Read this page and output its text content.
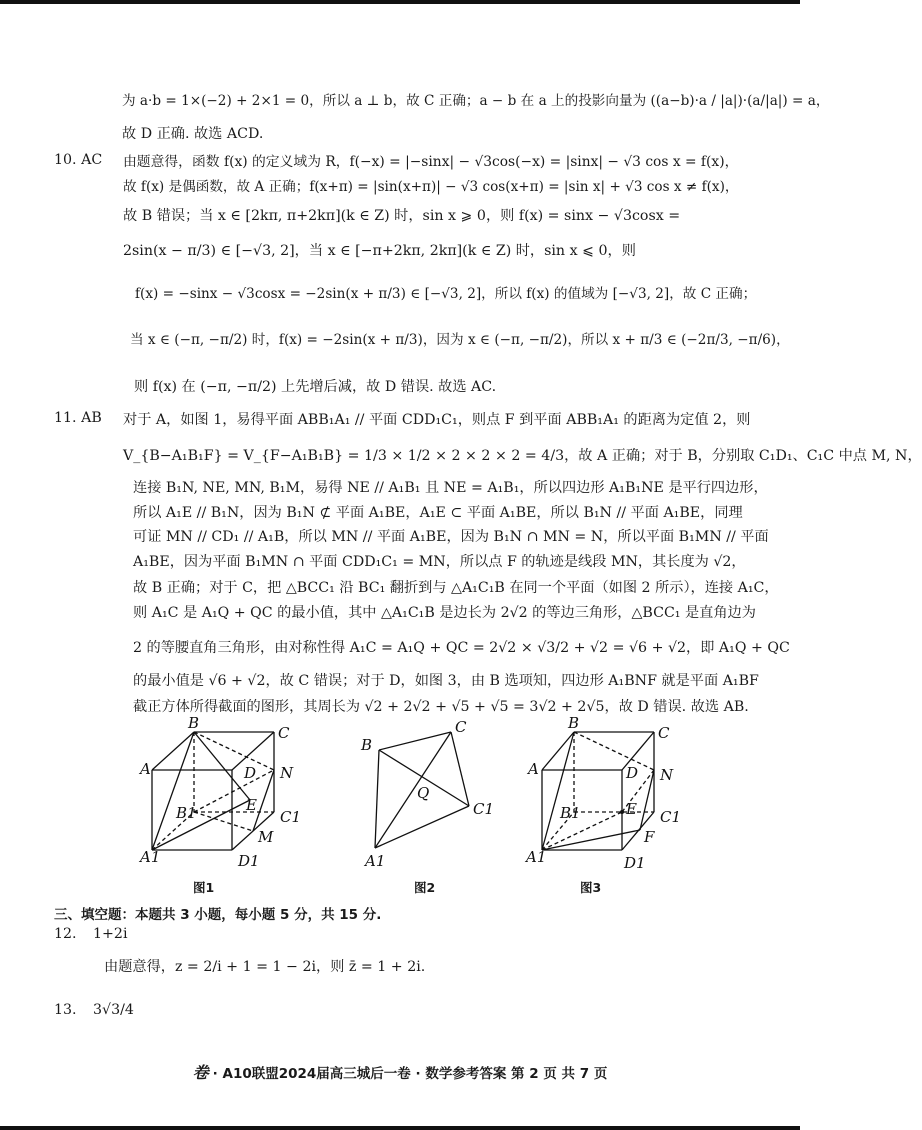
为 a·b = 1×(−2) + 2×1 = 0，所以 a ⊥ b，故 C 正确；a − b 在 a 上的投影向量为 ((a−b)·a / |a|)·(a/|a|) = a，
故 D 正确. 故选 ACD.
10. AC 由题意得，函数 f(x) 的定义域为 R，f(−x) = |−sinx| − √3cos(−x) = |sinx| − √3 cos x = f(x)，
故 f(x) 是偶函数，故 A 正确；f(x+π) = |sin(x+π)| − √3 cos(x+π) = |sin x| + √3 cos x ≠ f(x)，
故 B 错误；当 x ∈ [2kπ, π+2kπ](k ∈ Z) 时，sin x ⩾ 0，则 f(x) = sinx − √3cosx =
2sin(x − π/3) ∈ [−√3, 2]，当 x ∈ [−π+2kπ, 2kπ](k ∈ Z) 时，sin x ⩽ 0，则
f(x) = −sinx − √3cosx = −2sin(x + π/3) ∈ [−√3, 2]，所以 f(x) 的值域为 [−√3, 2]，故 C 正确；
当 x ∈ (−π, −π/2) 时，f(x) = −2sin(x + π/3)，因为 x ∈ (−π, −π/2)，所以 x + π/3 ∈ (−2π/3, −π/6)，
则 f(x) 在 (−π, −π/2) 上先增后减，故 D 错误. 故选 AC.
11. AB 对于 A，如图 1，易得平面 ABB₁A₁ // 平面 CDD₁C₁，则点 F 到平面 ABB₁A₁ 的距离为定值 2，则
V_{B−A₁B₁F} = V_{F−A₁B₁B} = 1/3 × 1/2 × 2 × 2 × 2 = 4/3，故 A 正确；对于 B，分别取 C₁D₁、C₁C 中点 M, N，
连接 B₁N, NE, MN, B₁M，易得 NE // A₁B₁ 且 NE = A₁B₁，所以四边形 A₁B₁NE 是平行四边形，
所以 A₁E // B₁N，因为 B₁N ⊄ 平面 A₁BE，A₁E ⊂ 平面 A₁BE，所以 B₁N // 平面 A₁BE，同理
可证 MN // CD₁ // A₁B，所以 MN // 平面 A₁BE，因为 B₁N ∩ MN = N，所以平面 B₁MN // 平面
A₁BE，因为平面 B₁MN ∩ 平面 CDD₁C₁ = MN，所以点 F 的轨迹是线段 MN，其长度为 √2，
故 B 正确；对于 C，把 △BCC₁ 沿 BC₁ 翻折到与 △A₁C₁B 在同一个平面（如图 2 所示），连接 A₁C，
则 A₁C 是 A₁Q + QC 的最小值，其中 △A₁C₁B 是边长为 2√2 的等边三角形，△BCC₁ 是直角边为
2 的等腰直角三角形，由对称性得 A₁C = A₁Q + QC = 2√2 × √3/2 + √2 = √6 + √2，即 A₁Q + QC
的最小值是 √6 + √2，故 C 错误；对于 D，如图 3，由 B 选项知，四边形 A₁BNF 就是平面 A₁BF
截正方体所得截面的图形，其周长为 √2 + 2√2 + √5 + √5 = 3√2 + 2√5，故 D 错误. 故选 AB.
B
C
A	D N
B1	E
C1
M
A1	D1
图1
C
B
Q
C1
A1
图2
B
C
A	D N
B1	E C1
F
A1	D1
图3
三、填空题：本题共 3 小题，每小题 5 分，共 15 分.
12. 1+2i
由题意得，z = 2/i + 1 = 1 − 2i，则 z̄ = 1 + 2i.
13. 3√3/4
卷 · A10联盟2024届高三城后一卷 · 数学参考答案 第 2 页 共 7 页
